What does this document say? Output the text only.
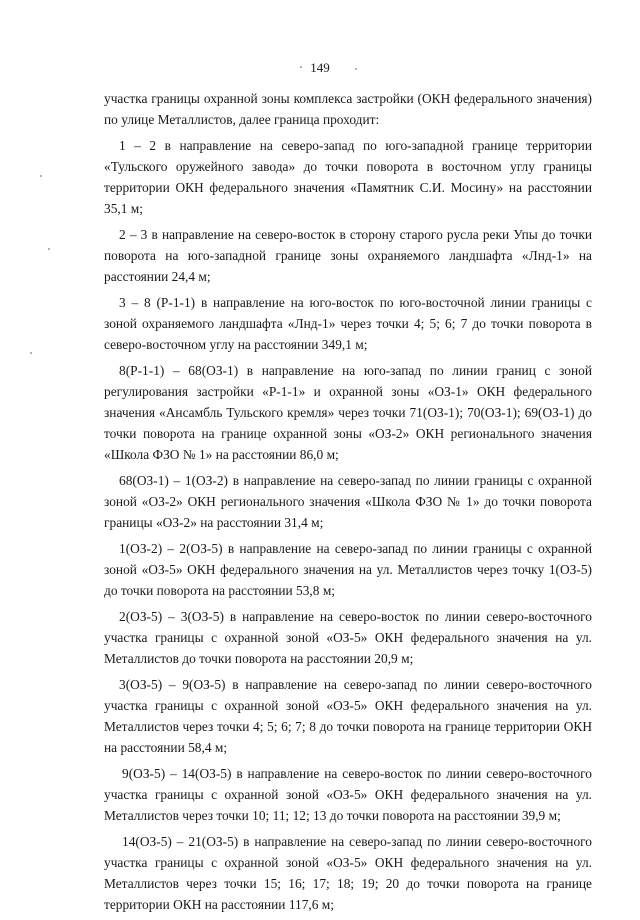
149

участка границы охранной зоны комплекса застройки (ОКН федерального значения) по улице Металлистов, далее граница проходит:

1 – 2 в направление на северо-запад по юго-западной границе территории «Тульского оружейного завода» до точки поворота в восточном углу границы территории ОКН федерального значения «Памятник С.И. Мосину» на расстоянии 35,1 м;

2 – 3 в направление на северо-восток в сторону старого русла реки Упы до точки поворота на юго-западной границе зоны охраняемого ландшафта «Лнд-1» на расстоянии 24,4 м;

3 – 8 (Р-1-1) в направление на юго-восток по юго-восточной линии границы с зоной охраняемого ландшафта «Лнд-1» через точки 4; 5; 6; 7 до точки поворота в северо-восточном углу на расстоянии 349,1 м;

8(Р-1-1) – 68(ОЗ-1) в направление на юго-запад по линии границ с зоной регулирования застройки «Р-1-1» и охранной зоны «ОЗ-1» ОКН федерального значения «Ансамбль Тульского кремля» через точки 71(ОЗ-1); 70(ОЗ-1); 69(ОЗ-1) до точки поворота на границе охранной зоны «ОЗ-2» ОКН регионального значения «Школа ФЗО № 1» на расстоянии 86,0 м;

68(ОЗ-1) – 1(ОЗ-2) в направление на северо-запад по линии границы с охранной зоной «ОЗ-2» ОКН регионального значения «Школа ФЗО № 1» до точки поворота границы «ОЗ-2» на расстоянии 31,4 м;

1(ОЗ-2) – 2(ОЗ-5) в направление на северо-запад по линии границы с охранной зоной «ОЗ-5» ОКН федерального значения на ул. Металлистов через точку 1(ОЗ-5) до точки поворота на расстоянии 53,8 м;

2(ОЗ-5) – 3(ОЗ-5) в направление на северо-восток по линии северо-восточного участка границы с охранной зоной «ОЗ-5» ОКН федерального значения на ул. Металлистов до точки поворота на расстоянии 20,9 м;

3(ОЗ-5) – 9(ОЗ-5) в направление на северо-запад по линии северо-восточного участка границы с охранной зоной «ОЗ-5» ОКН федерального значения на ул. Металлистов через точки 4; 5; 6; 7; 8 до точки поворота на границе территории ОКН на расстоянии 58,4 м;

9(ОЗ-5) – 14(ОЗ-5) в направление на северо-восток по линии северо-восточного участка границы с охранной зоной «ОЗ-5» ОКН федерального значения на ул. Металлистов через точки 10; 11; 12; 13 до точки поворота на расстоянии 39,9 м;

14(ОЗ-5) – 21(ОЗ-5) в направление на северо-запад по линии северо-восточного участка границы с охранной зоной «ОЗ-5» ОКН федерального значения на ул. Металлистов через точки 15; 16; 17; 18; 19; 20 до точки поворота на границе территории ОКН на расстоянии 117,6 м;
